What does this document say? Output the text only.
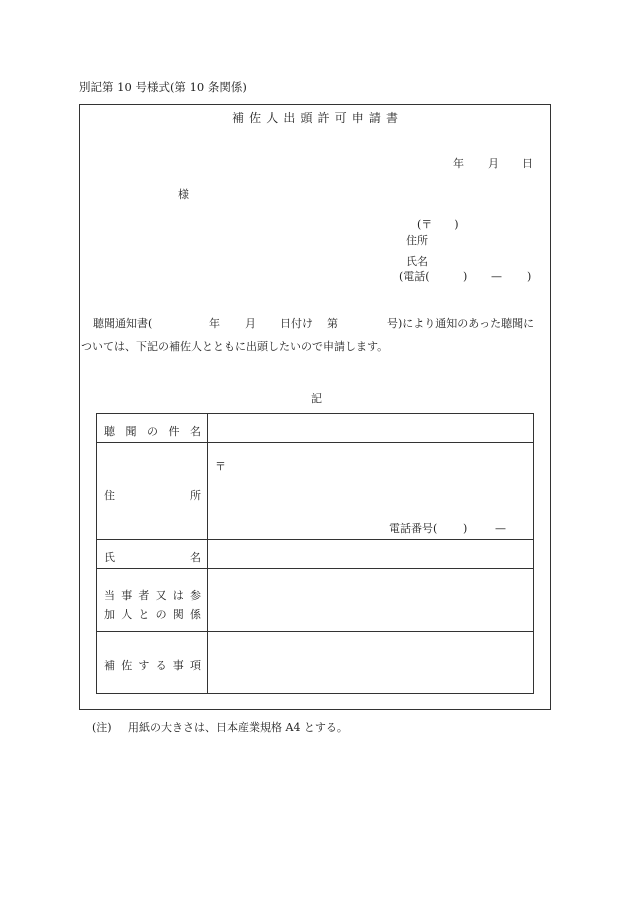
別記第 10 号様式(第 10 条関係)
補 佐 人 出 頭 許 可 申 請 書
年 月 日
様
(〒　　)
住所
氏名
(電話(	) — )
聴聞通知書(	年 月 日付け 第	号)により通知のあった聴聞に
ついては、下記の補佐人とともに出頭したいので申請します。
記
聴 聞 の 件 名
住	所
〒
電話番号( )	—
氏	名
当 事 者 又 は 参
加 人 と の 関 係
補 佐 す る 事 項
(注) 用紙の大きさは、日本産業規格 A4 とする。
